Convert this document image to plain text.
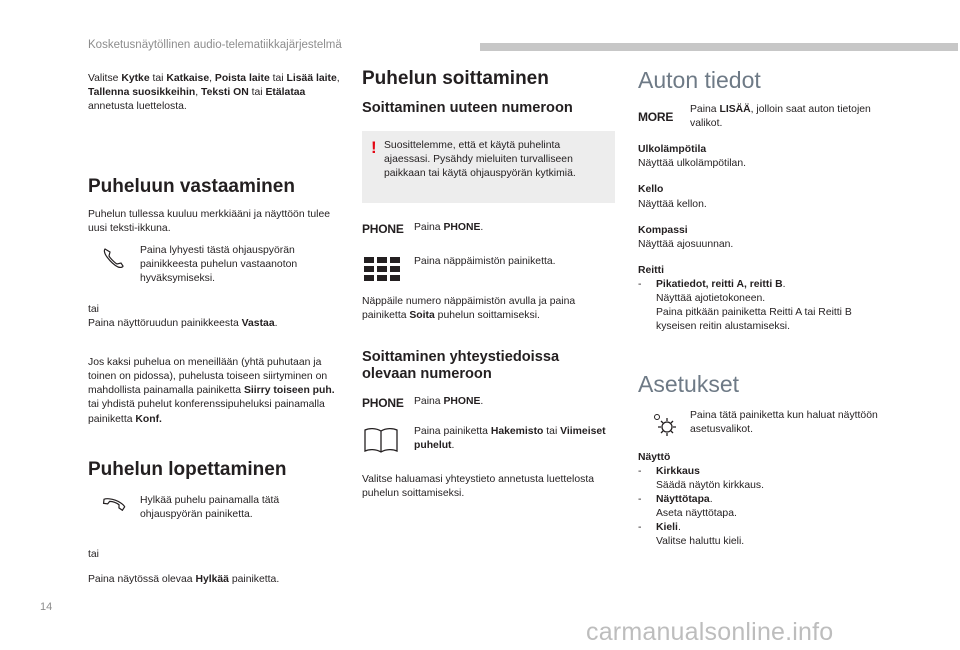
Kosketusnäytöllinen audio-telematiikkajärjestelmä

Valitse Kytke tai Katkaise, Poista laite tai Lisää laite, Tallenna suosikkeihin, Teksti ON tai Etälataa annetusta luettelosta.

Puheluun vastaaminen

Puhelun tullessa kuuluu merkkiääni ja näyttöön tulee uusi teksti-ikkuna.

Paina lyhyesti tästä ohjauspyörän painikkeesta puhelun vastaanoton hyväksymiseksi.

tai

Paina näyttöruudun painikkeesta Vastaa.

Jos kaksi puhelua on meneillään (yhtä puhutaan ja toinen on pidossa), puhelusta toiseen siirtyminen on mahdollista painamalla painiketta Siirry toiseen puh. tai yhdistä puhelut konferenssipuheluksi painamalla painiketta Konf.

Puhelun lopettaminen

Hylkää puhelu painamalla tätä ohjauspyörän painiketta.

tai

Paina näytössä olevaa Hylkää painiketta.

Puhelun soittaminen
Soittaminen uuteen numeroon
! Suosittelemme, että et käytä puhelinta ajaessasi. Pysähdy mieluiten turvalliseen paikkaan tai käytä ohjauspyörän kytkimiä.

PHONE Paina PHONE.

Paina näppäimistön painiketta.

Näppäile numero näppäimistön avulla ja paina painiketta Soita puhelun soittamiseksi.

Soittaminen yhteystiedoissa olevaan numeroon
PHONE Paina PHONE.

Paina painiketta Hakemisto tai Viimeiset puhelut.

Valitse haluamasi yhteystieto annetusta luettelosta puhelun soittamiseksi.

Auton tiedot
MORE

Paina LISÄÄ, jolloin saat auton tietojen valikot.

Ulkolämpötila

Näyttää ulkolämpötilan.

Kello

Näyttää kellon.

Kompassi

Näyttää ajosuunnan.

Reitti

-	Pikatiedot, reitti A, reitti B.

Näyttää ajotietokoneen.

Paina pitkään painiketta Reitti A tai Reitti B kyseisen reitin alustamiseksi.

Asetukset

Paina tätä painiketta kun haluat näyttöön asetusvalikot.

Näyttö

-	Kirkkaus

Säädä näytön kirkkaus.

-	Näyttötapa.

Aseta näyttötapa.

-	Kieli.

Valitse haluttu kieli.

14
carmanualsonline.info
